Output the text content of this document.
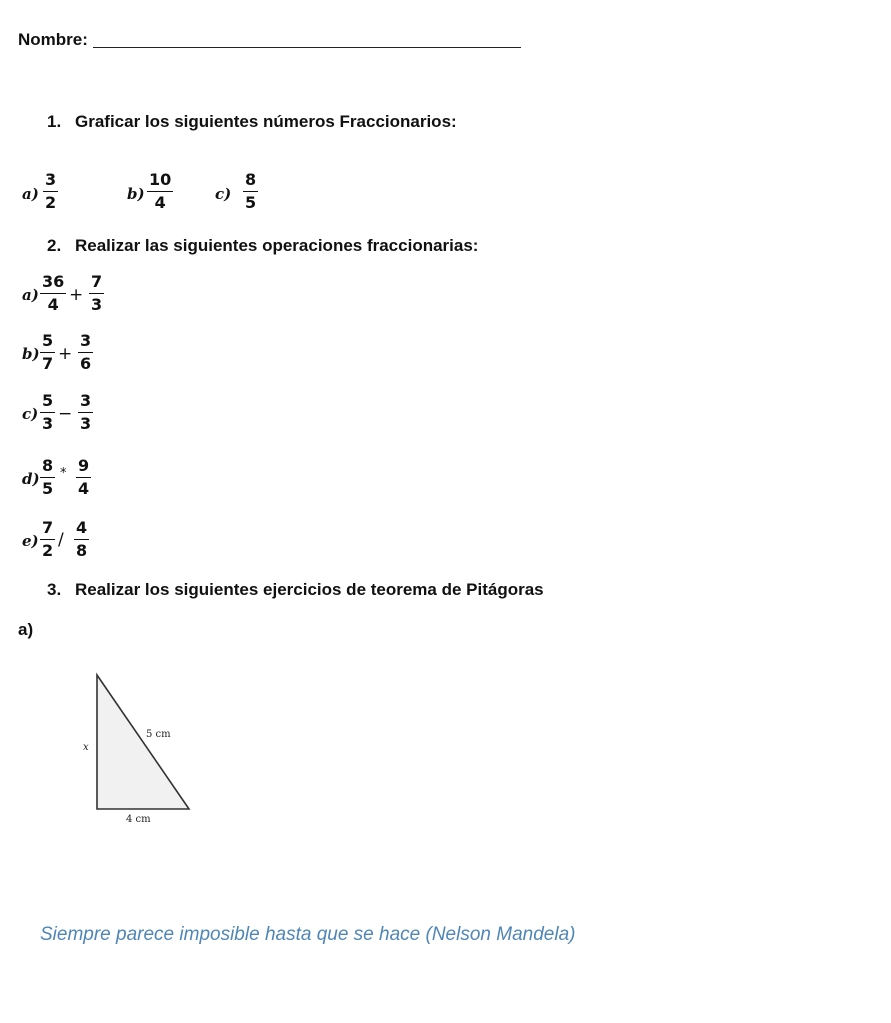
Nombre:
1. Graficar los siguientes números Fraccionarios:
$a) \frac{3}{2}$	$b) \frac{10}{4}$	$c) \frac{8}{5}$
2. Realizar las siguientes operaciones fraccionarias:
$a) \frac{36}{4} + \frac{7}{3}$
$b) \frac{5}{7} + \frac{3}{6}$
$c) \frac{5}{3} - \frac{3}{3}$
$d) \frac{8}{5} * \frac{9}{4}$
$e) \frac{7}{2} / \frac{4}{8}$
3. Realizar los siguientes ejercicios de teorema de Pitágoras
a)
5 cm
x
4 cm
Siempre parece imposible hasta que se hace (Nelson Mandela)
